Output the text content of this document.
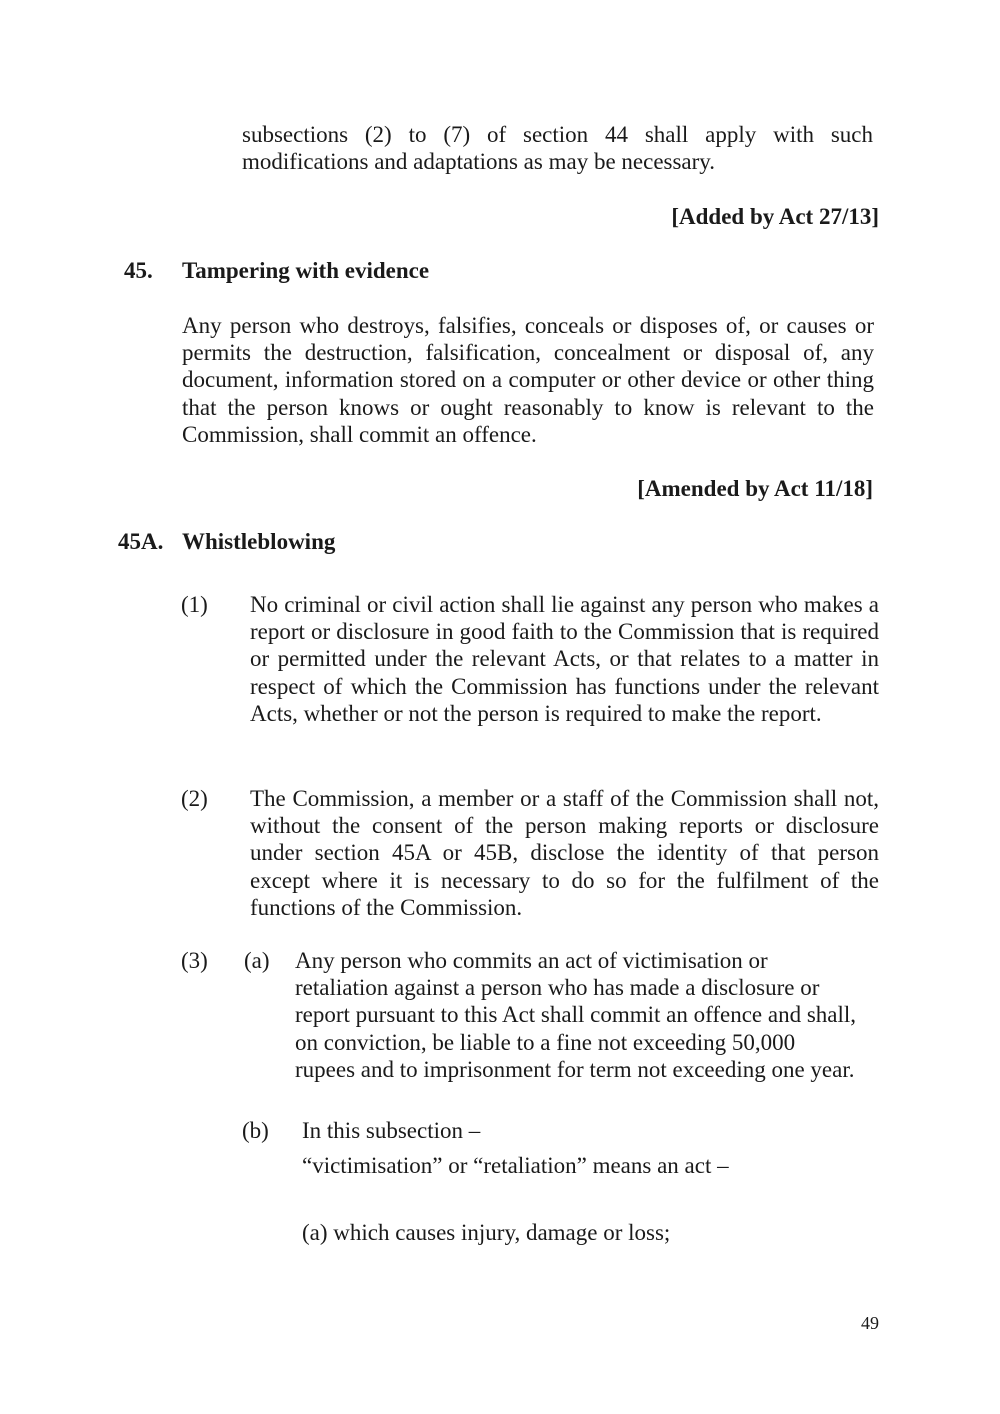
subsections (2) to (7) of section 44 shall apply with such modifications and adaptations as may be necessary.
[Added by Act 27/13]
45. Tampering with evidence
Any person who destroys, falsifies, conceals or disposes of, or causes or permits the destruction, falsification, concealment or disposal of, any document, information stored on a computer or other device or other thing that the person knows or ought reasonably to know is relevant to the Commission, shall commit an offence.
[Amended by Act 11/18]
45A. Whistleblowing
(1) No criminal or civil action shall lie against any person who makes a report or disclosure in good faith to the Commission that is required or permitted under the relevant Acts, or that relates to a matter in respect of which the Commission has functions under the relevant Acts, whether or not the person is required to make the report.
(2) The Commission, a member or a staff of the Commission shall not, without the consent of the person making reports or disclosure under section 45A or 45B, disclose the identity of that person except where it is necessary to do so for the fulfilment of the functions of the Commission.
(3) (a) Any person who commits an act of victimisation or
retaliation against a person who has made a disclosure or
report pursuant to this Act shall commit an offence and shall,
on conviction, be liable to a fine not exceeding 50,000
rupees and to imprisonment for term not exceeding one year.
(b) In this subsection –
“victimisation” or “retaliation” means an act –
(a) which causes injury, damage or loss;
49
